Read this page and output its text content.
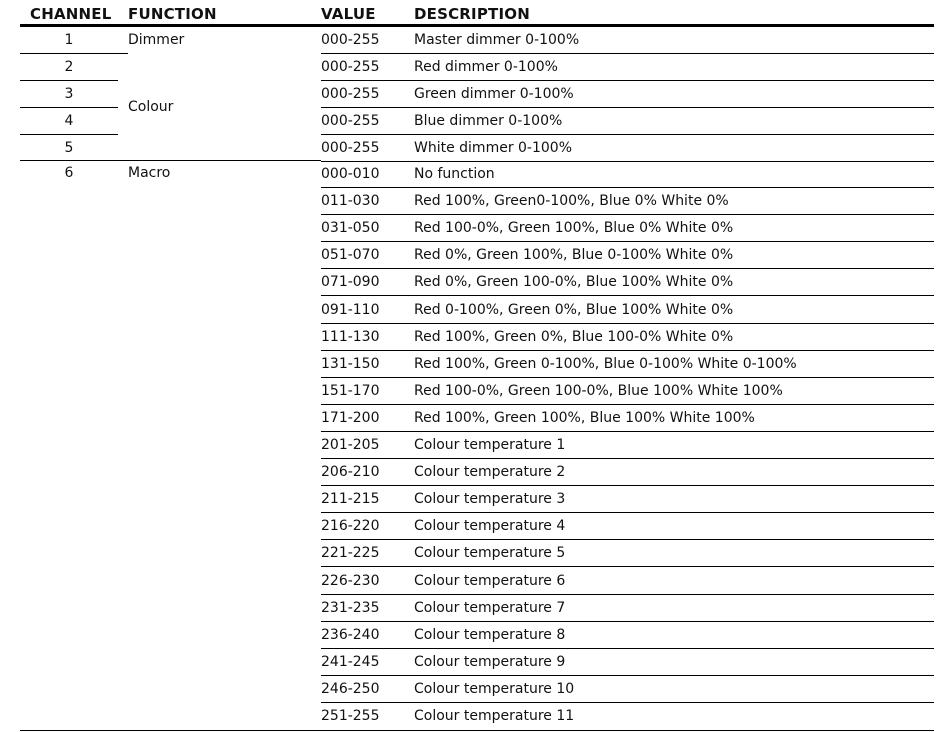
CHANNEL FUNCTION	VALUE	DESCRIPTION
1
2
3
4
5
6
Dimmer
Colour
Macro
000-255 Master dimmer 0-100%
000-255 Red dimmer 0-100%
000-255 Green dimmer 0-100%
000-255 Blue dimmer 0-100%
000-255 White dimmer 0-100%
000-010 No function
011-030 Red 100%, Green0-100%, Blue 0% White 0%
031-050 Red 100-0%, Green 100%, Blue 0% White 0%
051-070 Red 0%, Green 100%, Blue 0-100% White 0%
071-090 Red 0%, Green 100-0%, Blue 100% White 0%
091-110 Red 0-100%, Green 0%, Blue 100% White 0%
111-130 Red 100%, Green 0%, Blue 100-0% White 0%
131-150 Red 100%, Green 0-100%, Blue 0-100% White 0-100%
151-170 Red 100-0%, Green 100-0%, Blue 100% White 100%
171-200 Red 100%, Green 100%, Blue 100% White 100%
201-205 Colour temperature 1
206-210 Colour temperature 2
211-215 Colour temperature 3
216-220 Colour temperature 4
221-225 Colour temperature 5
226-230 Colour temperature 6
231-235 Colour temperature 7
236-240 Colour temperature 8
241-245 Colour temperature 9
246-250 Colour temperature 10
251-255 Colour temperature 11
